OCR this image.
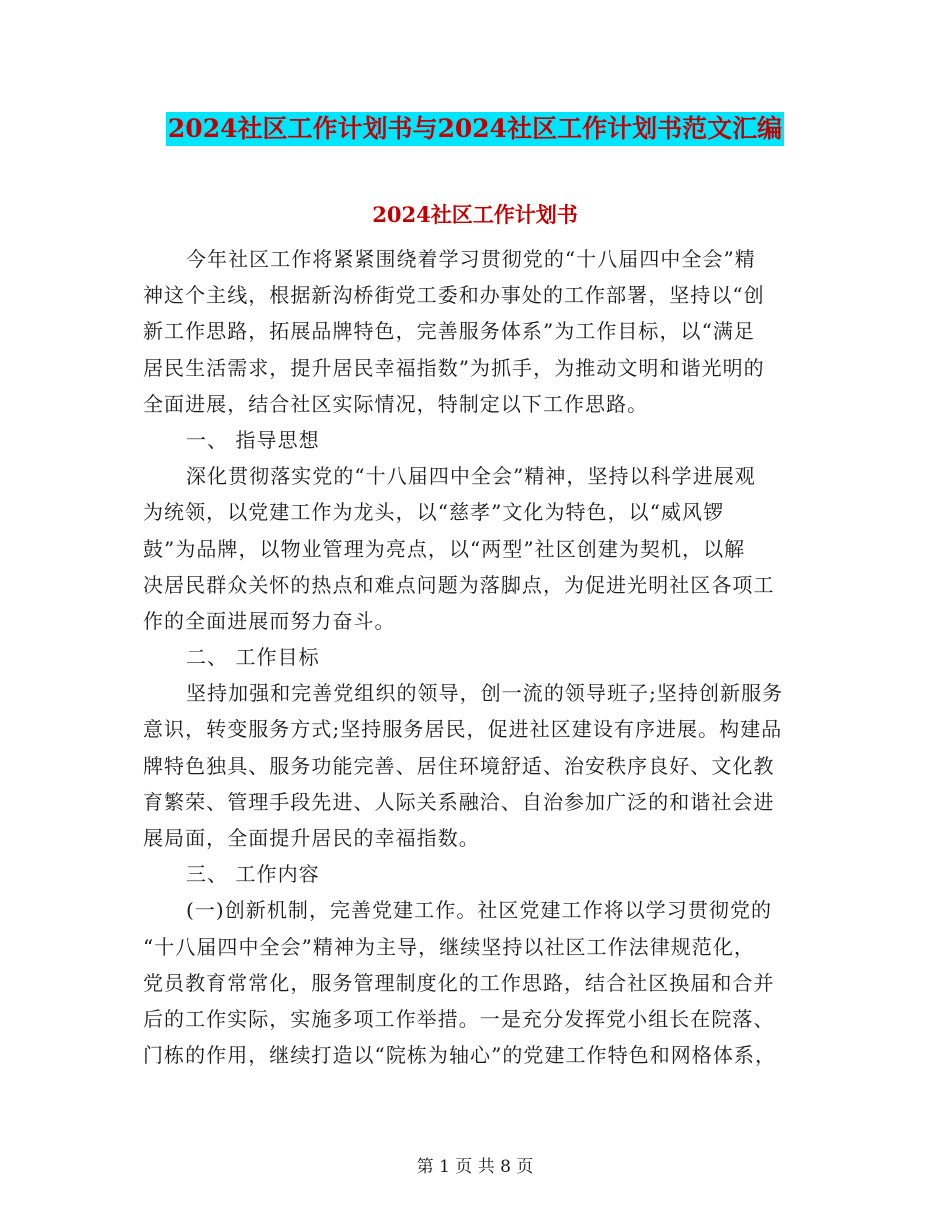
2024社区工作计划书与2024社区工作计划书范文汇编
2024社区工作计划书
今年社区工作将紧紧围绕着学习贯彻党的“十八届四中全会”精
神这个主线，根据新沟桥街党工委和办事处的工作部署，坚持以“创
新工作思路，拓展品牌特色，完善服务体系”为工作目标，以“满足
居民生活需求，提升居民幸福指数”为抓手，为推动文明和谐光明的
全面进展，结合社区实际情况，特制定以下工作思路。
一、 指导思想
深化贯彻落实党的“十八届四中全会”精神，坚持以科学进展观
为统领，以党建工作为龙头，以“慈孝”文化为特色，以“威风锣
鼓”为品牌，以物业管理为亮点，以“两型”社区创建为契机，以解
决居民群众关怀的热点和难点问题为落脚点，为促进光明社区各项工
作的全面进展而努力奋斗。
二、 工作目标
坚持加强和完善党组织的领导，创一流的领导班子;坚持创新服务
意识，转变服务方式;坚持服务居民，促进社区建设有序进展。构建品
牌特色独具、服务功能完善、居住环境舒适、治安秩序良好、文化教
育繁荣、管理手段先进、人际关系融洽、自治参加广泛的和谐社会进
展局面，全面提升居民的幸福指数。
三、 工作内容
(一)创新机制，完善党建工作。社区党建工作将以学习贯彻党的
“十八届四中全会”精神为主导，继续坚持以社区工作法律规范化，
党员教育常常化，服务管理制度化的工作思路，结合社区换届和合并
后的工作实际，实施多项工作举措。一是充分发挥党小组长在院落、
门栋的作用，继续打造以“院栋为轴心”的党建工作特色和网格体系，
第 1 页 共 8 页
